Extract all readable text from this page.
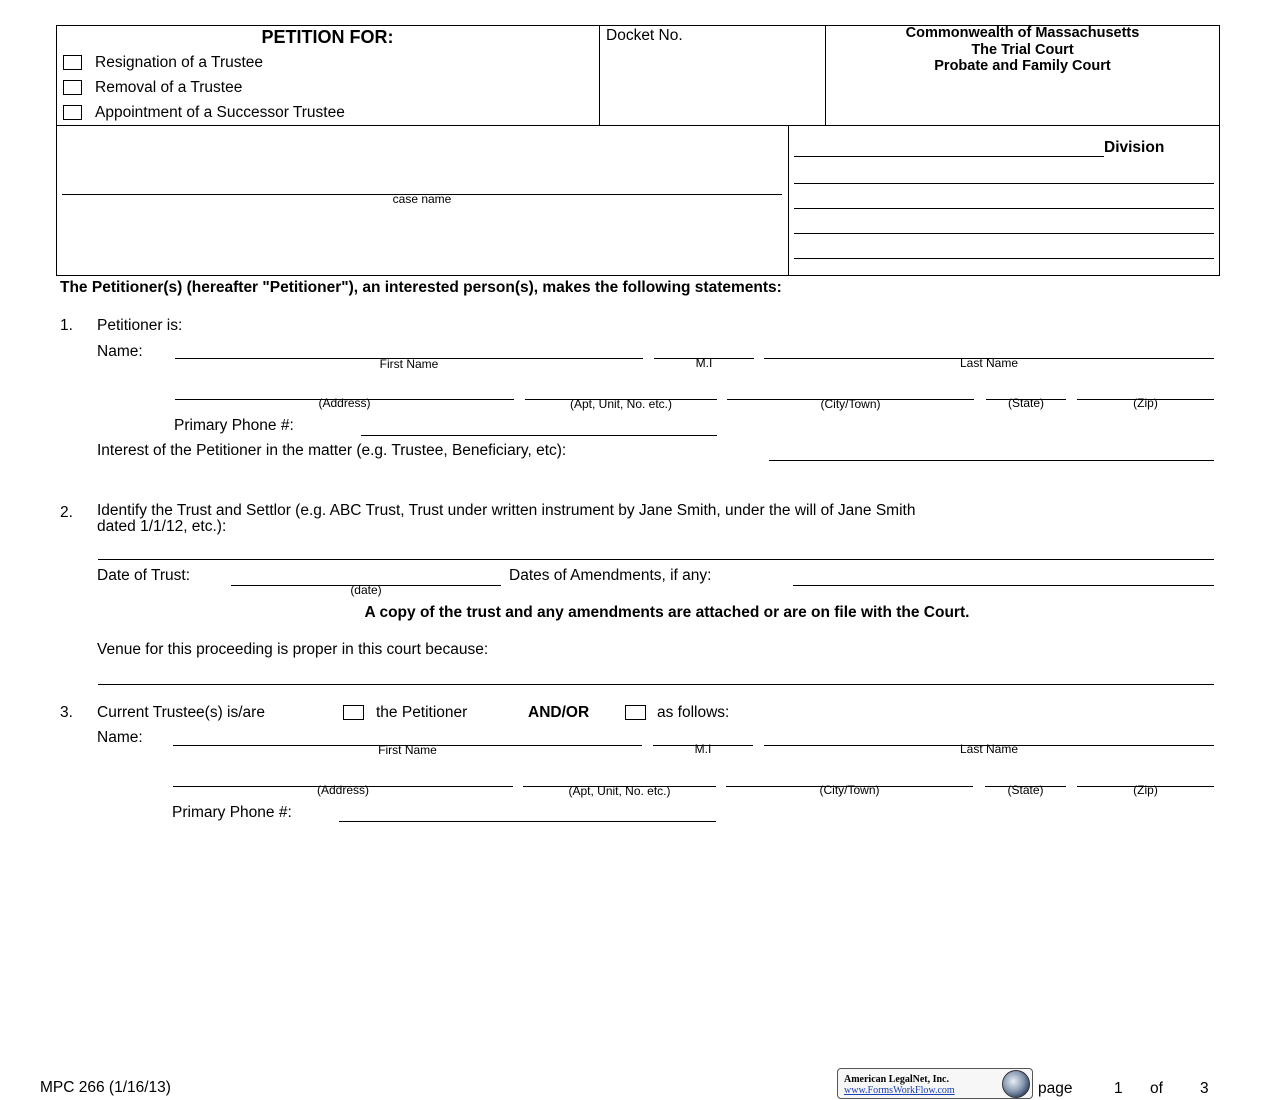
PETITION FOR:
Resignation of a Trustee
Removal of a Trustee
Appointment of a Successor Trustee
Docket No.	Commonwealth of Massachusetts
The Trial Court
Probate and Family Court
case name
Division
The Petitioner(s) (hereafter "Petitioner"), an interested person(s), makes the following statements:
1. Petitioner is:
Name:
First Name	M.I	Last Name
(Address)	(Apt, Unit, No. etc.)	(City/Town)	(State)	(Zip)
Primary Phone #:
Interest of the Petitioner in the matter (e.g. Trustee, Beneficiary, etc):
2. Identify the Trust and Settlor (e.g. ABC Trust, Trust under written instrument by Jane Smith, under the will of Jane Smith
dated 1/1/12, etc.):
Date of Trust:
(date)
Dates of Amendments, if any:
A copy of the trust and any amendments are attached or are on file with the Court.
Venue for this proceeding is proper in this court because:
3. Current Trustee(s) is/are	the Petitioner	AND/OR	as follows:
Name:
First Name	M.I	Last Name
(Address)	(Apt, Unit, No. etc.)	(City/Town)	(State)	(Zip)
Primary Phone #:
MPC 266 (1/16/13)	American LegalNet, Inc.
www.FormsWorkFlow.com	page	1 of 3
